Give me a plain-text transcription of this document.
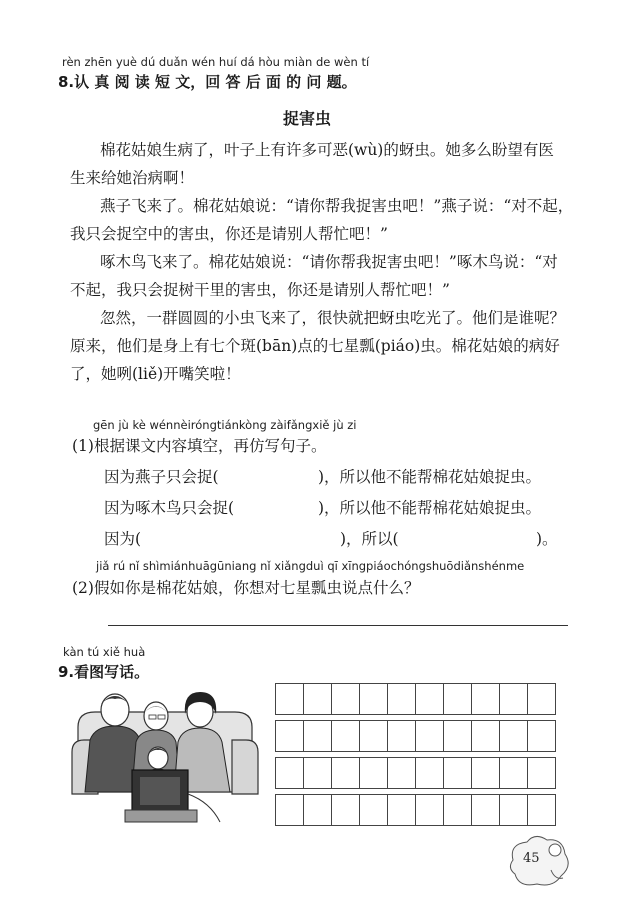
rèn zhēn yuè dú duǎn wén huí dá hòu miàn de wèn tí
8.认 真 阅 读 短 文，回 答 后 面 的 问 题。
捉害虫
棉花姑娘生病了，叶子上有许多可恶(wù)的蚜虫。她多么盼望有医
生来给她治病啊！
燕子飞来了。棉花姑娘说：“请你帮我捉害虫吧！”燕子说：“对不起，
我只会捉空中的害虫，你还是请别人帮忙吧！”
啄木鸟飞来了。棉花姑娘说：“请你帮我捉害虫吧！”啄木鸟说：“对
不起，我只会捉树干里的害虫，你还是请别人帮忙吧！”
忽然，一群圆圆的小虫飞来了，很快就把蚜虫吃光了。他们是谁呢？
原来，他们是身上有七个斑(bān)点的七星瓢(piáo)虫。棉花姑娘的病好
了，她咧(liě)开嘴笑啦！
gēn jù kè wénnèiróngtiánkòng zàifǎngxiě jù zi
(1)根据课文内容填空，再仿写句子。
因为燕子只会捉(	)，所以他不能帮棉花姑娘捉虫。
因为啄木鸟只会捉(	)，所以他不能帮棉花姑娘捉虫。
因为(	)，所以(	)。
jiǎ rú nǐ shìmiánhuāgūniang nǐ xiǎngduì qī xīngpiáochóngshuōdiǎnshénme
(2)假如你是棉花姑娘，你想对七星瓢虫说点什么？
kàn tú xiě huà
9.看图写话。
45
